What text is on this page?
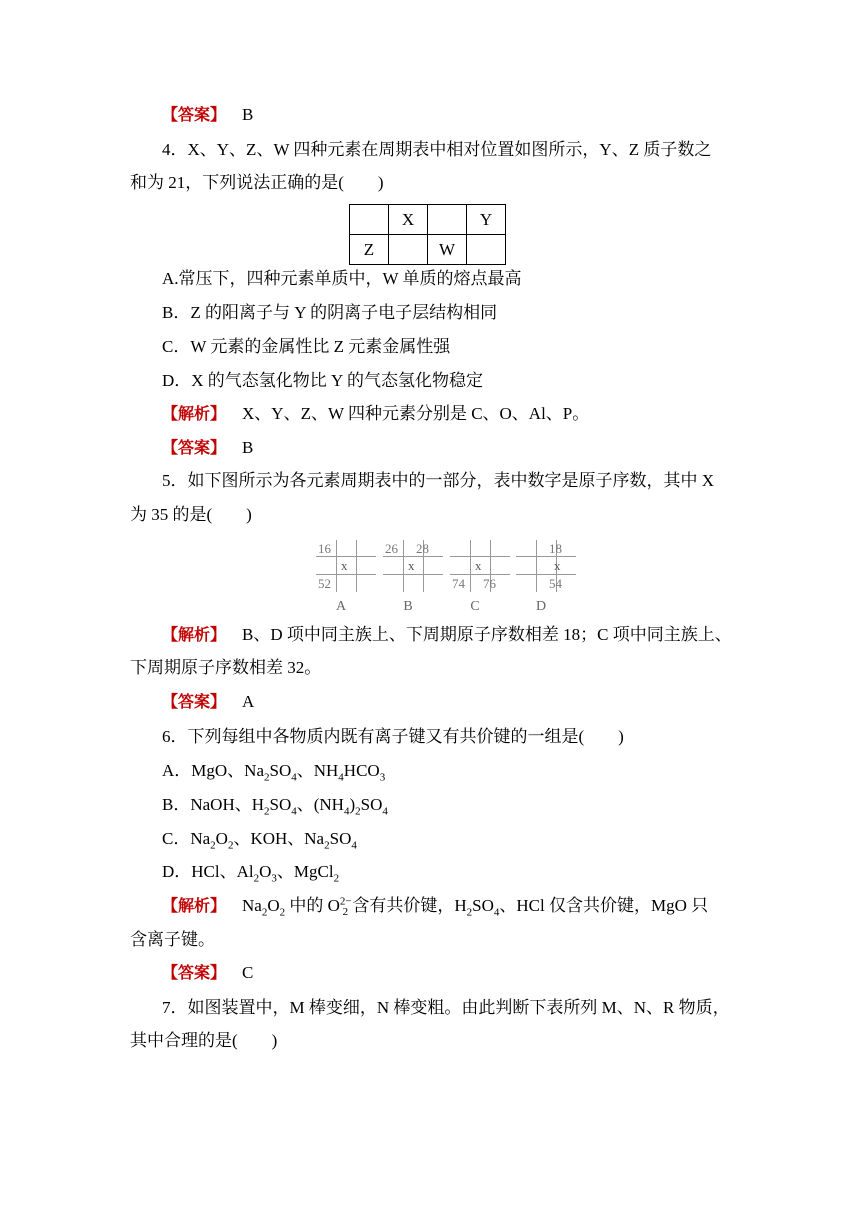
【答案】 B
4．X、Y、Z、W 四种元素在周期表中相对位置如图所示，Y、Z 质子数之
和为 21，下列说法正确的是(　　)
	X		Y
Z		W	
A.常压下，四种元素单质中，W 单质的熔点最高
B．Z 的阳离子与 Y 的阴离子电子层结构相同
C．W 元素的金属性比 Z 元素金属性强
D．X 的气态氢化物比 Y 的气态氢化物稳定
【解析】 X、Y、Z、W 四种元素分别是 C、O、Al、P。
【答案】 B
5．如下图所示为各元素周期表中的一部分，表中数字是原子序数，其中 X
为 35 的是(　　)
16
x
52
A
26 28
x
B
x
74 76
C
18
x
54
D
【解析】 B、D 项中同主族上、下周期原子序数相差 18；C 项中同主族上、
下周期原子序数相差 32。
【答案】 A
6．下列每组中各物质内既有离子键又有共价键的一组是(　　)
A．MgO、$Na_2SO_4$、$NH_4HCO_3$
B．NaOH、$H_2SO_4$、$(NH_4)_2SO_4$
C．$Na_2O_2$、KOH、$Na_2SO_4$
D．HCl、$Al_2O_3$、MgCl$_2$
【解析】 $Na_2O_2$ 中的 $O^{2-}_2$ 含有共价键，$H_2SO_4$、HCl 仅含共价键，MgO 只
含离子键。
【答案】 C
7．如图装置中，M 棒变细，N 棒变粗。由此判断下表所列 M、N、R 物质，
其中合理的是(　　)
